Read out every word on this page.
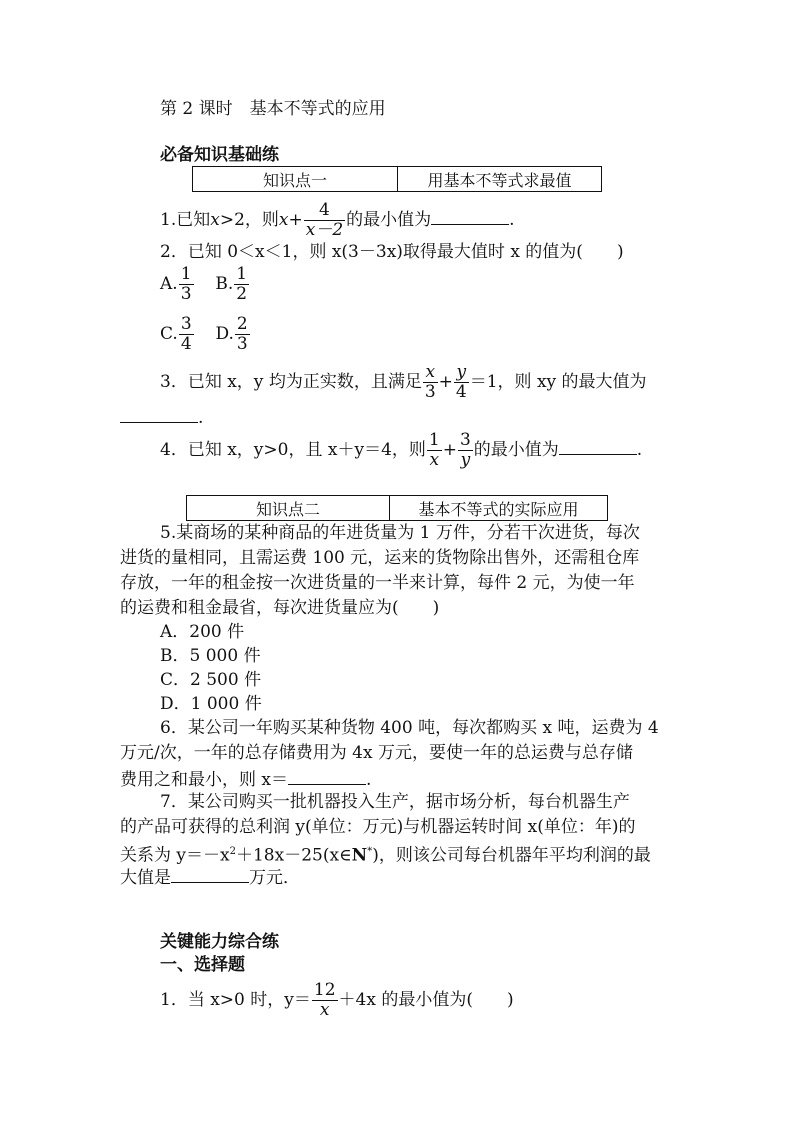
第 2 课时　基本不等式的应用
必备知识基础练
知识点一	用基本不等式求最值
1.已知x>2，则$x+ \frac{4}{x-2}$ 的最小值为	.
2．已知 0＜x＜1，则 x(3－3x)取得最大值时 x 的值为(　　)
A. $\frac{1}{3} B$. $\frac{1}{2}$
C. $\frac{3}{4} D$. $\frac{2}{3}$
3．已知 x，y 均为正实数，且满足 $\frac{x}{3} + \frac{y}{4} =1$，则 xy 的最大值为
.
4．已知 x，y>0，且 x＋y＝4，则 $\frac{1}{x} + \frac{3}{y}$ 的最小值为	.
知识点二	基本不等式的实际应用
5.某商场的某种商品的年进货量为 1 万件，分若干次进货，每次
进货的量相同，且需运费 100 元，运来的货物除出售外，还需租仓库
存放，一年的租金按一次进货量的一半来计算，每件 2 元，为使一年
的运费和租金最省，每次进货量应为(　　)
A．200 件
B．5 000 件
C．2 500 件
D．1 000 件
6．某公司一年购买某种货物 400 吨，每次都购买 x 吨，运费为 4
万元/次，一年的总存储费用为 4x 万元，要使一年的总运费与总存储
费用之和最小，则 x＝	.
7．某公司购买一批机器投入生产，据市场分析，每台机器生产
的产品可获得的总利润 y(单位：万元)与机器运转时间 x(单位：年)的
关系为 $y=-x^2+18x-25(x\in N^*)$，则该公司每台机器年平均利润的最
大值是	万元．
关键能力综合练
一、选择题
1．当 x>0 时，$y= \frac{12}{x} +4x$ 的最小值为(　　)
